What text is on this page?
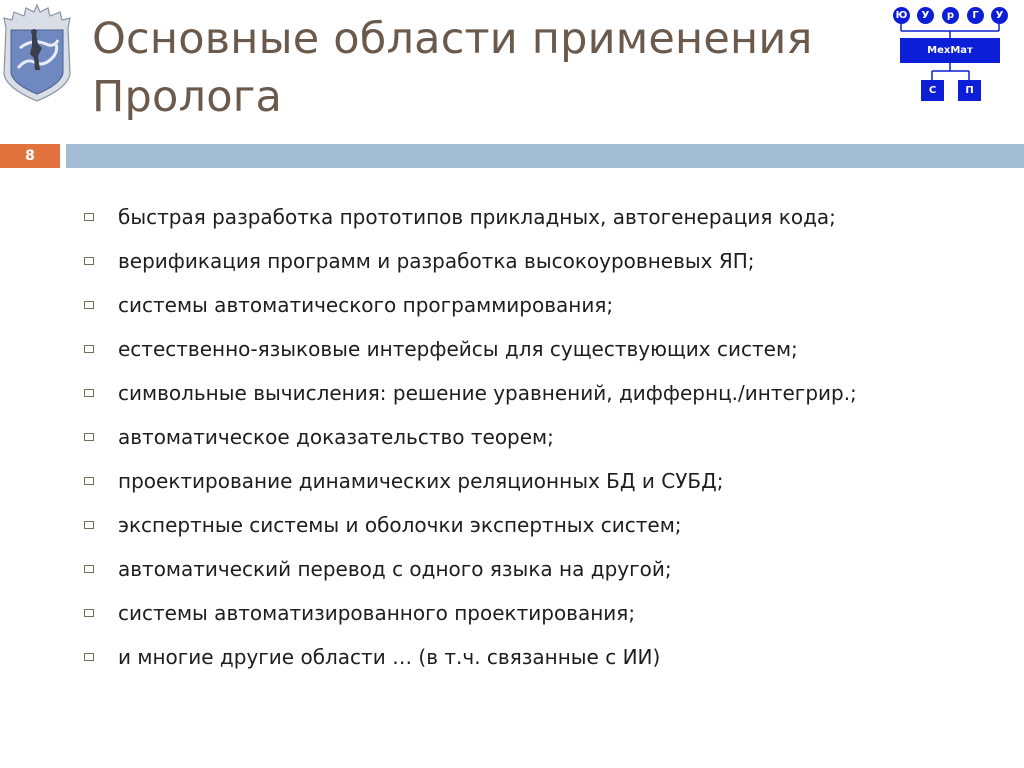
Основные области применения
Пролога
Ю	У	р	Г	У
МехМат
С	П
8
быстрая разработка прототипов прикладных, автогенерация кода;
верификация программ и разработка высокоуровневых ЯП;
системы автоматического программирования;
естественно-языковые интерфейсы для существующих систем;
символьные вычисления: решение уравнений, диффернц./интегрир.;
автоматическое доказательство теорем;
проектирование динамических реляционных БД и СУБД;
экспертные системы и оболочки экспертных систем;
автоматический перевод с одного языка на другой;
системы автоматизированного проектирования;
и многие другие области … (в т.ч. связанные с ИИ)
